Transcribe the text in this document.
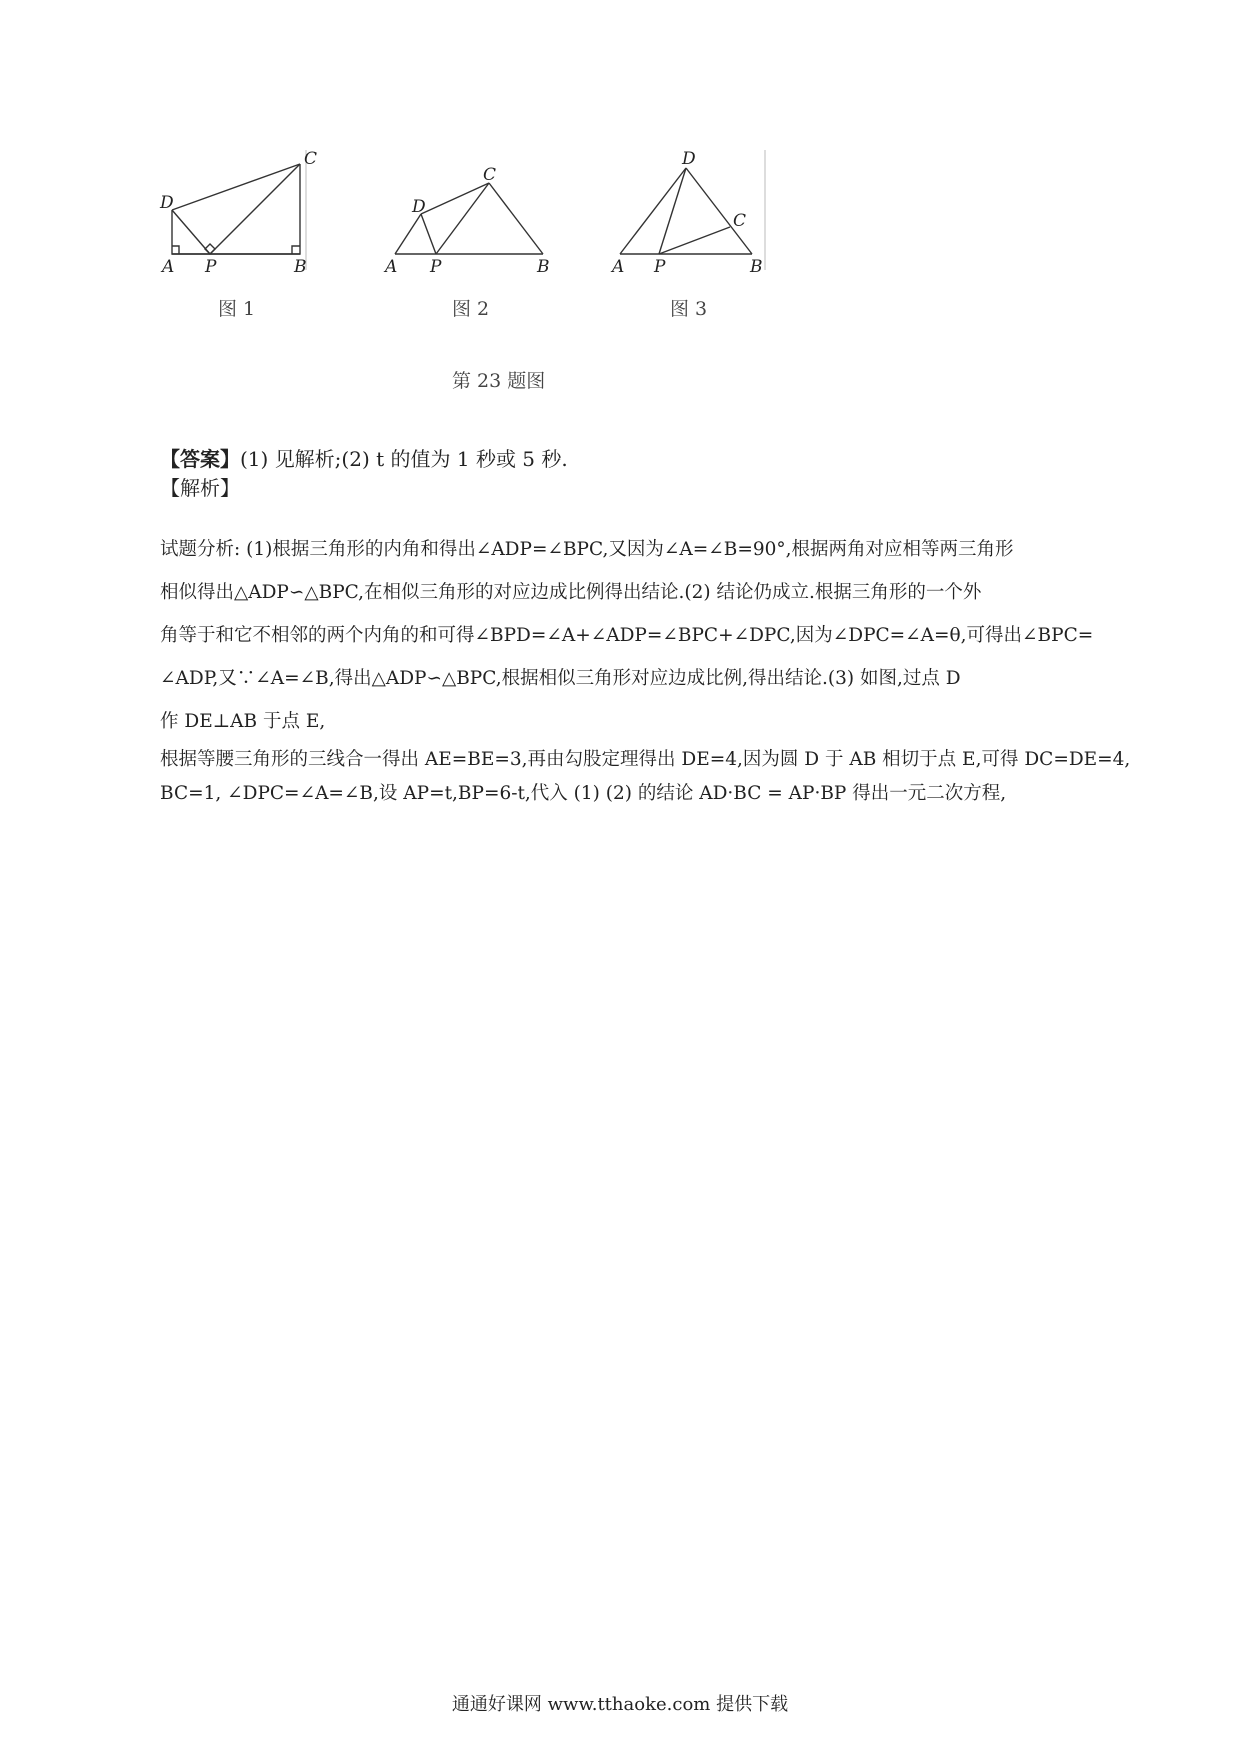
D
C
A P	B
图 1
D
C
A P	B
图 2
D
C
A P	B
图 3
第 23 题图
【答案】(1) 见解析;(2) t 的值为 1 秒或 5 秒.
【解析】
试题分析: (1)根据三角形的内角和得出∠ADP=∠BPC,又因为∠A=∠B=90°,根据两角对应相等两三角形
相似得出△ADP∽△BPC,在相似三角形的对应边成比例得出结论.(2) 结论仍成立.根据三角形的一个外
角等于和它不相邻的两个内角的和可得∠BPD=∠A+∠ADP=∠BPC+∠DPC,因为∠DPC=∠A=θ,可得出∠BPC=
∠ADP,又∵∠A=∠B,得出△ADP∽△BPC,根据相似三角形对应边成比例,得出结论.(3) 如图,过点 D
作 DE⊥AB 于点 E,
根据等腰三角形的三线合一得出 AE=BE=3,再由勾股定理得出 DE=4,因为圆 D 于 AB 相切于点 E,可得 DC=DE=4,
BC=1, ∠DPC=∠A=∠B,设 AP=t,BP=6-t,代入 (1) (2) 的结论 AD·BC = AP·BP 得出一元二次方程,
通通好课网 www.tthaoke.com 提供下载
